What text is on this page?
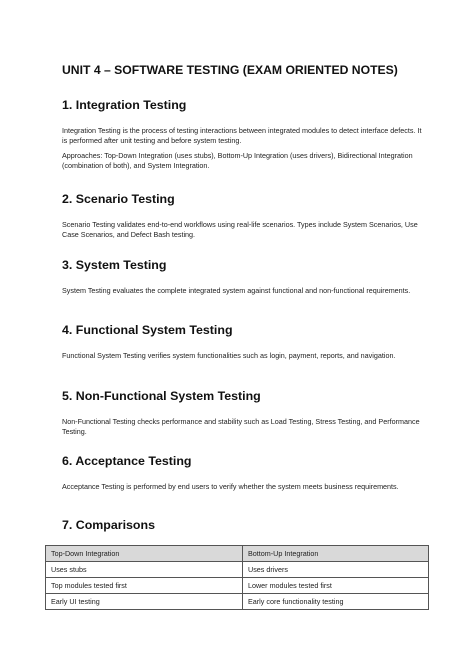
UNIT 4 – SOFTWARE TESTING (EXAM ORIENTED NOTES)
1. Integration Testing

Integration Testing is the process of testing interactions between integrated modules to detect interface defects. It is performed after unit testing and before system testing.

Approaches: Top-Down Integration (uses stubs), Bottom-Up Integration (uses drivers), Bidirectional Integration (combination of both), and System Integration.

2. Scenario Testing

Scenario Testing validates end-to-end workflows using real-life scenarios. Types include System Scenarios, Use Case Scenarios, and Defect Bash testing.

3. System Testing

System Testing evaluates the complete integrated system against functional and non-functional requirements.

4. Functional System Testing

Functional System Testing verifies system functionalities such as login, payment, reports, and navigation.

5. Non-Functional System Testing

Non-Functional Testing checks performance and stability such as Load Testing, Stress Testing, and Performance Testing.

6. Acceptance Testing

Acceptance Testing is performed by end users to verify whether the system meets business requirements.

7. Comparisons
Top-Down Integration	Bottom-Up Integration
Uses stubs	Uses drivers
Top modules tested first	Lower modules tested first
Early UI testing	Early core functionality testing
